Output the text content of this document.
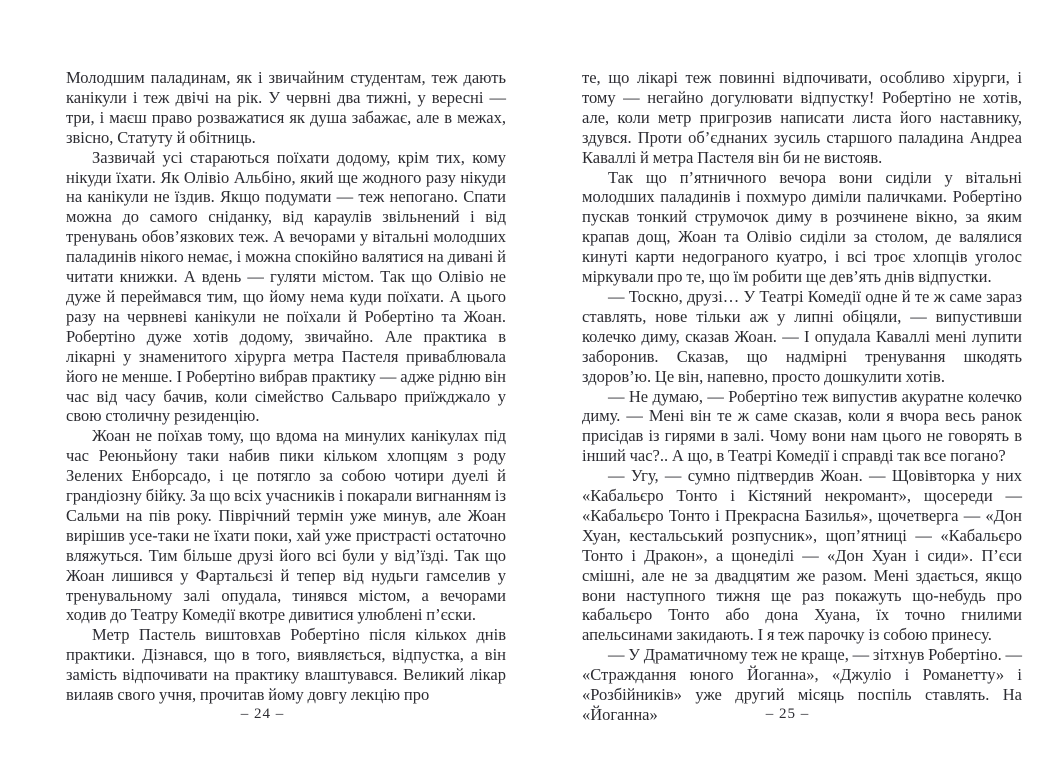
Молодшим паладинам, як і звичайним студентам, теж дають канікули і теж двічі на рік. У червні два тижні, у вересні — три, і маєш право розважатися як душа забажає, але в межах, звісно, Статуту й обітниць.

Зазвичай усі стараються поїхати додому, крім тих, кому нікуди їхати. Як Олівіо Альбіно, який ще жодного разу нікуди на канікули не їздив. Якщо подумати — теж непогано. Спати можна до самого сніданку, від караулів звільнений і від тренувань обов’язкових теж. А вечорами у вітальні молодших паладинів нікого немає, і можна спокійно валятися на дивані й читати книжки. А вдень — гуляти містом. Так що Олівіо не дуже й переймався тим, що йому нема куди поїхати. А цього разу на червневі канікули не поїхали й Робертіно та Жоан. Робертіно дуже хотів додому, звичайно. Але практика в лікарні у знаменитого хірурга метра Пастеля приваблювала його не менше. І Робертіно вибрав практику — адже рідню він час від часу бачив, коли сімейство Сальваро приїжджало у свою столичну резиденцію.

Жоан не поїхав тому, що вдома на минулих канікулах під час Реюньйону таки набив пики кільком хлопцям з роду Зелених Енборсадо, і це потягло за собою чотири дуелі й грандіозну бійку. За що всіх учасників і покарали вигнанням із Сальми на пів року. Піврічний термін уже минув, але Жоан вирішив усе-таки не їхати поки, хай уже пристрасті остаточно вляжуться. Тим більше друзі його всі були у від’їзді. Так що Жоан лишився у Фартальєзі й тепер від нудьги гамселив у тренувальному залі опудала, тинявся містом, а вечорами ходив до Театру Комедії вкотре дивитися улюблені п’єски.

Метр Пастель виштовхав Робертіно після кількох днів практики. Дізнався, що в того, виявляється, відпустка, а він замість відпочивати на практику влаштувався. Великий лікар вилаяв свого учня, прочитав йому довгу лекцію про

те, що лікарі теж повинні відпочивати, особливо хірурги, і тому — негайно догулювати відпустку! Робертіно не хотів, але, коли метр пригрозив написати листа його наставнику, здувся. Проти об’єднаних зусиль старшого паладина Андреа Каваллі й метра Пастеля він би не вистояв.

Так що п’ятничного вечора вони сиділи у вітальні молодших паладинів і похмуро диміли паличками. Робертіно пускав тонкий струмочок диму в розчинене вікно, за яким крапав дощ, Жоан та Олівіо сиділи за столом, де валялися кинуті карти недограного куатро, і всі троє хлопців уголос міркували про те, що їм робити ще дев’ять днів відпустки.

— Тоскно, друзі… У Театрі Комедії одне й те ж саме зараз ставлять, нове тільки аж у липні обіцяли, — випустивши колечко диму, сказав Жоан. — І опудала Каваллі мені лупити заборонив. Сказав, що надмірні тренування шкодять здоров’ю. Це він, напевно, просто дошкулити хотів.

— Не думаю, — Робертіно теж випустив акуратне колечко диму. — Мені він те ж саме сказав, коли я вчора весь ранок присідав із гирями в залі. Чому вони нам цього не говорять в інший час?.. А що, в Театрі Комедії і справді так все погано?

— Угу, — сумно підтвердив Жоан. — Щовівторка у них «Кабальєро Тонто і Кістяний некромант», щосереди — «Кабальєро Тонто і Прекрасна Базилья», щочетверга — «Дон Хуан, кестальський розпусник», щоп’ятниці — «Кабальєро Тонто і Дракон», а щонеділі — «Дон Хуан і сиди». П’єси смішні, але не за двадцятим же разом. Мені здається, якщо вони наступного тижня ще раз покажуть що-небудь про кабальєро Тонто або дона Хуана, їх точно гнилими апельсинами закидають. І я теж парочку із собою принесу.

— У Драматичному теж не краще, — зітхнув Робертіно. — «Страждання юного Йоганна», «Джуліо і Романетту» і «Розбійників» уже другий місяць поспіль ставлять. На «Йоганна»

– 24 –	– 25 –
